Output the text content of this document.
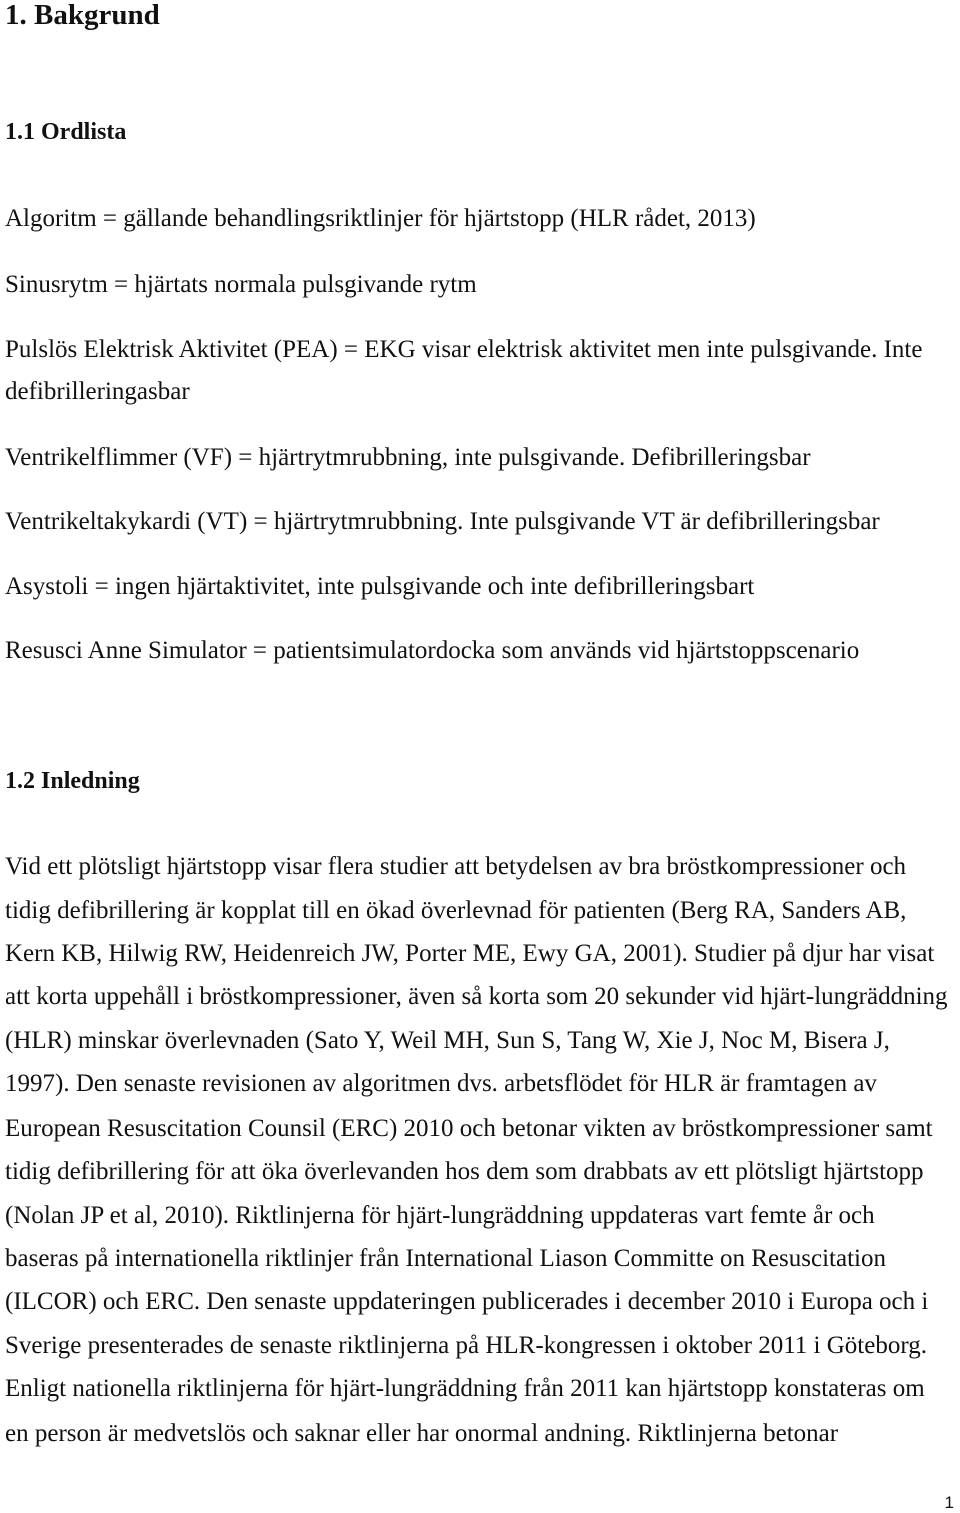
1. Bakgrund
1.1 Ordlista

Algoritm = gällande behandlingsriktlinjer för hjärtstopp (HLR rådet, 2013)

Sinusrytm = hjärtats normala pulsgivande rytm

Pulslös Elektrisk Aktivitet (PEA) = EKG visar elektrisk aktivitet men inte pulsgivande. Inte

defibrilleringasbar

Ventrikelflimmer (VF) = hjärtrytmrubbning, inte pulsgivande. Defibrilleringsbar

Ventrikeltakykardi (VT) = hjärtrytmrubbning. Inte pulsgivande VT är defibrilleringsbar

Asystoli = ingen hjärtaktivitet, inte pulsgivande och inte defibrilleringsbart

Resusci Anne Simulator = patientsimulatordocka som används vid hjärtstoppscenario

1.2 Inledning

Vid ett plötsligt hjärtstopp visar flera studier att betydelsen av bra bröstkompressioner och

tidig defibrillering är kopplat till en ökad överlevnad för patienten (Berg RA, Sanders AB,

Kern KB, Hilwig RW, Heidenreich JW, Porter ME, Ewy GA, 2001). Studier på djur har visat

att korta uppehåll i bröstkompressioner, även så korta som 20 sekunder vid hjärt-lungräddning

(HLR) minskar överlevnaden (Sato Y, Weil MH, Sun S, Tang W, Xie J, Noc M, Bisera J,

1997). Den senaste revisionen av algoritmen dvs. arbetsflödet för HLR är framtagen av

European Resuscitation Counsil (ERC) 2010 och betonar vikten av bröstkompressioner samt

tidig defibrillering för att öka överlevanden hos dem som drabbats av ett plötsligt hjärtstopp

(Nolan JP et al, 2010). Riktlinjerna för hjärt-lungräddning uppdateras vart femte år och

baseras på internationella riktlinjer från International Liason Committe on Resuscitation

(ILCOR) och ERC. Den senaste uppdateringen publicerades i december 2010 i Europa och i

Sverige presenterades de senaste riktlinjerna på HLR-kongressen i oktober 2011 i Göteborg.

Enligt nationella riktlinjerna för hjärt-lungräddning från 2011 kan hjärtstopp konstateras om

en person är medvetslös och saknar eller har onormal andning. Riktlinjerna betonar

1
